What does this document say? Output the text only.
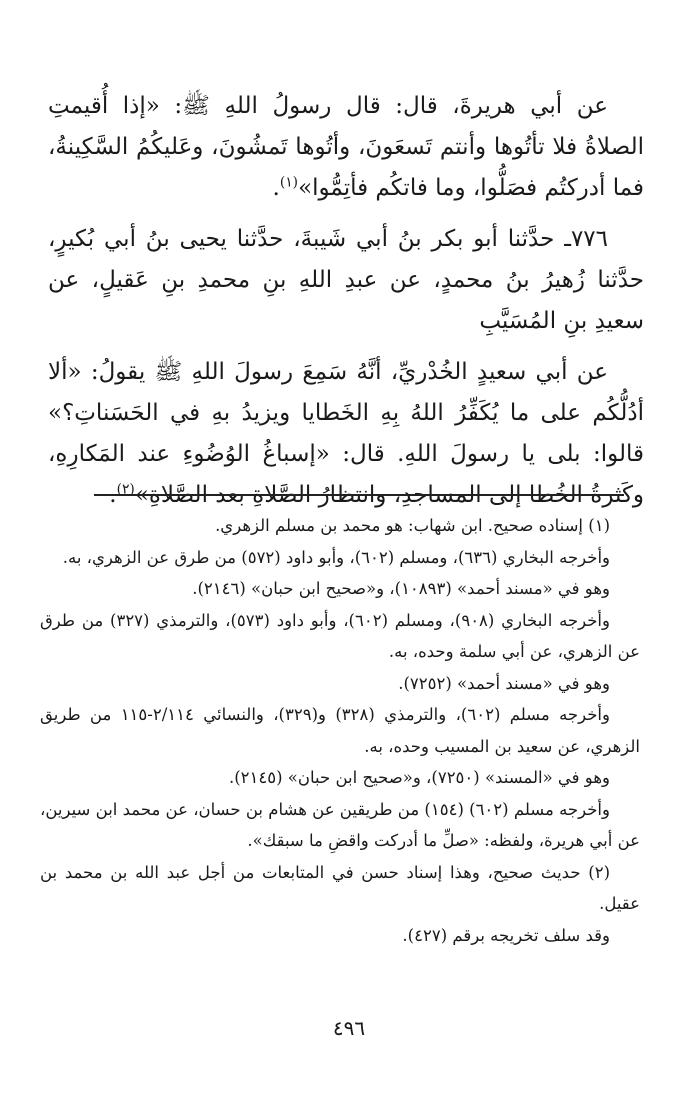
عن أبي هريرةَ، قال: قال رسولُ اللهِ ﷺ: «إذا أُقيمتِ الصلاةُ فلا تأتُوها وأنتم تَسعَونَ، وأتُوها تَمشُونَ، وعَليكُمُ السَّكِينةُ، فما أدركتُم فصَلُّوا، وما فاتكُم فأتِمُّوا»$^{(١)}$.

٧٧٦ـ حدَّثنا أبو بكر بنُ أبي شَيبةَ، حدَّثنا يحيى بنُ أبي بُكيرٍ، حدَّثنا زُهيرُ بنُ محمدٍ، عن عبدِ اللهِ بنِ محمدِ بنِ عَقيلٍ، عن سعيدِ بنِ المُسَيَّبِ

عن أبي سعيدٍ الخُدْريِّ، أنَّهُ سَمِعَ رسولَ اللهِ ﷺ يقولُ: «ألا أدُلُّكُم على ما يُكَفِّرُ اللهُ بِهِ الخَطايا ويزيدُ بهِ في الحَسَناتِ؟» قالوا: بلى يا رسولَ اللهِ. قال: «إسباغُ الوُضُوءِ عند المَكارِهِ، وكَثرةُ الخُطا إلى المساجدِ، وانتظارُ الصَّلاةِ بعد الصَّلاةِ»$^{(٢)}$.

(١) إسناده صحيح. ابن شهاب: هو محمد بن مسلم الزهري.

وأخرجه البخاري (٦٣٦)، ومسلم (٦٠٢)، وأبو داود (٥٧٢) من طرق عن الزهري، به.

وهو في «مسند أحمد» (١٠٨٩٣)، و«صحيح ابن حبان» (٢١٤٦).

وأخرجه البخاري (٩٠٨)، ومسلم (٦٠٢)، وأبو داود (٥٧٣)، والترمذي (٣٢٧) من طرق عن الزهري، عن أبي سلمة وحده، به.

وهو في «مسند أحمد» (٧٢٥٢).

وأخرجه مسلم (٦٠٢)، والترمذي (٣٢٨) و(٣٢٩)، والنسائي ٢/١١٤-١١٥ من طريق الزهري، عن سعيد بن المسيب وحده، به.

وهو في «المسند» (٧٢٥٠)، و«صحيح ابن حبان» (٢١٤٥).

وأخرجه مسلم (٦٠٢) (١٥٤) من طريقين عن هشام بن حسان، عن محمد ابن سيرين، عن أبي هريرة، ولفظه: «صلِّ ما أدركت واقضِ ما سبقك».

(٢) حديث صحيح، وهذا إسناد حسن في المتابعات من أجل عبد الله بن محمد بن عقيل.

وقد سلف تخريجه برقم (٤٢٧).

٤٩٦
